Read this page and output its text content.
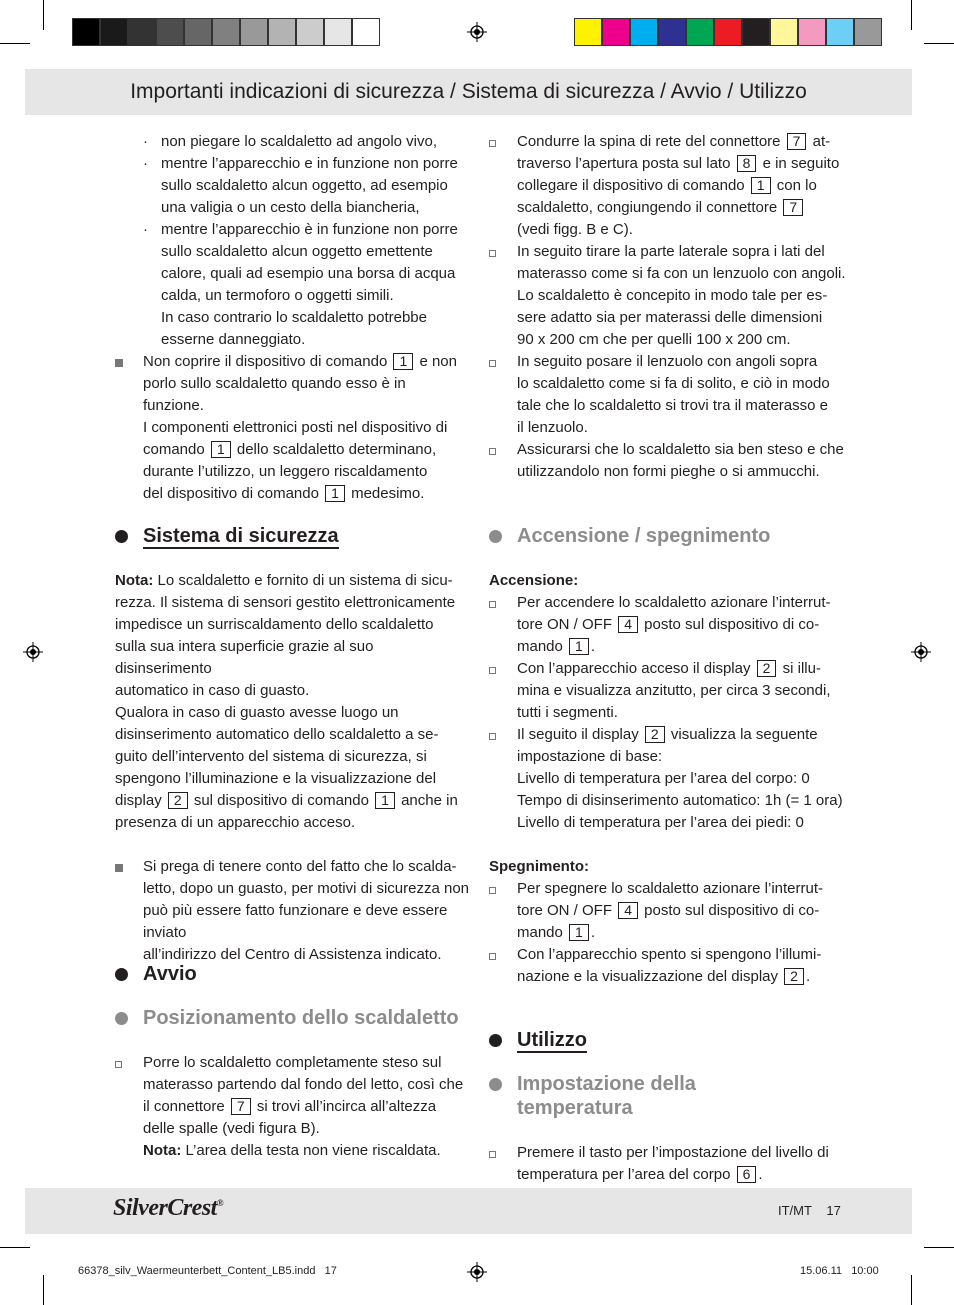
Importanti indicazioni di sicurezza / Sistema di sicurezza / Avvio / Utilizzo

· non piegare lo scaldaletto ad angolo vivo,

· mentre l’apparecchio e in funzione non porre
sullo scaldaletto alcun oggetto, ad esempio
una valigia o un cesto della biancheria,

· mentre l’apparecchio è in funzione non porre
sullo scaldaletto alcun oggetto emettente
calore, quali ad esempio una borsa di acqua
calda, un termoforo o oggetti simili.
In caso contrario lo scaldaletto potrebbe
esserne danneggiato.

Non coprire il dispositivo di comando 1 e non
porlo sullo scaldaletto quando esso è in funzione.
I componenti elettronici posti nel dispositivo di
comando 1 dello scaldaletto determinano,
durante l’utilizzo, un leggero riscaldamento
del dispositivo di comando 1 medesimo.

Sistema di sicurezza

Nota: Lo scaldaletto e fornito di un sistema di sicu-
rezza. Il sistema di sensori gestito elettronicamente
impedisce un surriscaldamento dello scaldaletto
sulla sua intera superficie grazie al suo disinserimento
automatico in caso di guasto.
Qualora in caso di guasto avesse luogo un
disinserimento automatico dello scaldaletto a se-
guito dell’intervento del sistema di sicurezza, si
spengono l’illuminazione e la visualizzazione del
display 2 sul dispositivo di comando 1 anche in
presenza di un apparecchio acceso.

Si prega di tenere conto del fatto che lo scalda-
letto, dopo un guasto, per motivi di sicurezza non
può più essere fatto funzionare e deve essere inviato
all’indirizzo del Centro di Assistenza indicato.

Avvio
Posizionamento dello scaldaletto

Porre lo scaldaletto completamente steso sul
materasso partendo dal fondo del letto, così che
il connettore 7 si trovi all’incirca all’altezza
delle spalle (vedi figura B).
Nota: L’area della testa non viene riscaldata.

Condurre la spina di rete del connettore 7 at-
traverso l’apertura posta sul lato 8 e in seguito
collegare il dispositivo di comando 1 con lo
scaldaletto, congiungendo il connettore 7
(vedi figg. B e C).

In seguito tirare la parte laterale sopra i lati del
materasso come si fa con un lenzuolo con angoli.
Lo scaldaletto è concepito in modo tale per es-
sere adatto sia per materassi delle dimensioni
90 x 200 cm che per quelli 100 x 200 cm.

In seguito posare il lenzuolo con angoli sopra
lo scaldaletto come si fa di solito, e ciò in modo
tale che lo scaldaletto si trovi tra il materasso e
il lenzuolo.

Assicurarsi che lo scaldaletto sia ben steso e che
utilizzandolo non formi pieghe o si ammucchi.

Accensione / spegnimento

Accensione:

Per accendere lo scaldaletto azionare l’interrut-
tore ON / OFF 4 posto sul dispositivo di co-
mando 1 .

Con l’apparecchio acceso il display 2 si illu-
mina e visualizza anzitutto, per circa 3 secondi,
tutti i segmenti.

Il seguito il display 2 visualizza la seguente
impostazione di base:
Livello di temperatura per l’area del corpo: 0
Tempo di disinserimento automatico: 1h (= 1 ora)
Livello di temperatura per l’area dei piedi: 0

Spegnimento:

Per spegnere lo scaldaletto azionare l’interrut-
tore ON / OFF 4 posto sul dispositivo di co-
mando 1 .

Con l’apparecchio spento si spengono l’illumi-
nazione e la visualizzazione del display 2 .

Utilizzo
Impostazione della
temperatura

Premere il tasto per l’impostazione del livello di
temperatura per l’area del corpo 6 .

SilverCrest®	IT/MT 17
66378_silv_Waermeunterbett_Content_LB5.indd 17	15.06.11 10:00
